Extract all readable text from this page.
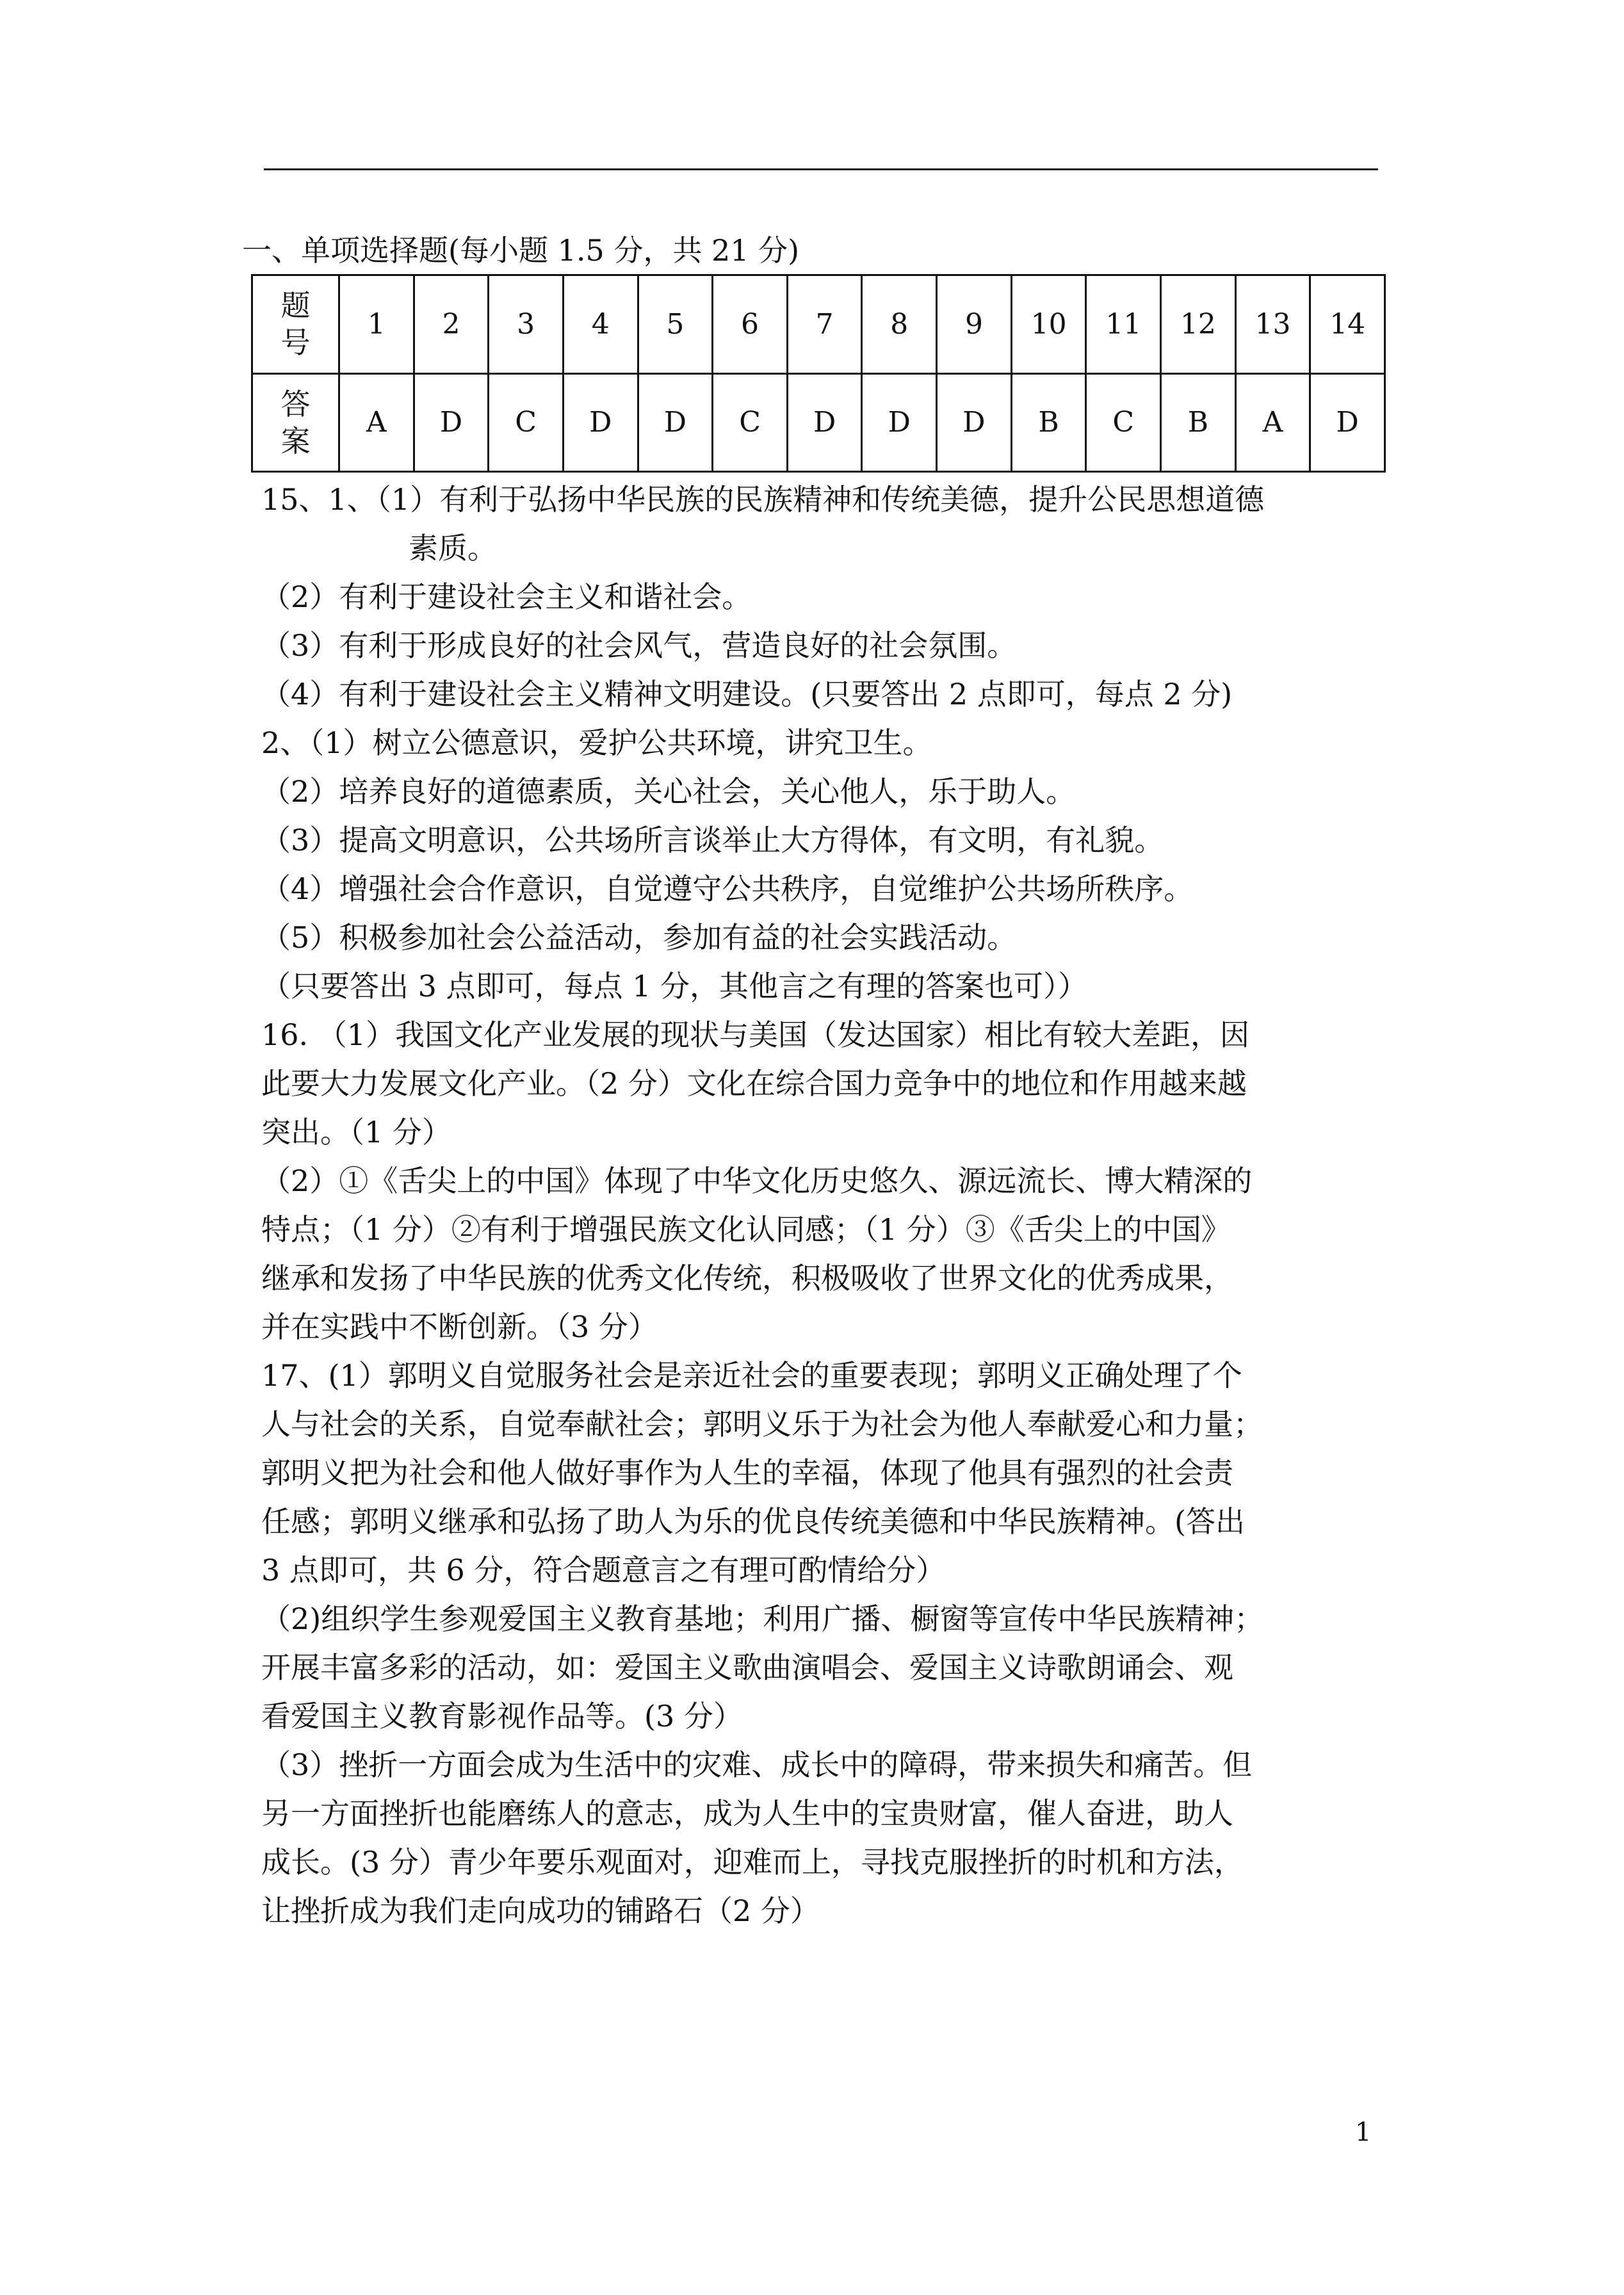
一、单项选择题(每小题 1.5 分，共 21 分)
题
号	1	2	3	4	5	6	7	8	9	10	11	12	13	14

答
案	A	D	C	D	D	C	D	D	D	B	C	B	A	D
15、1、（1）有利于弘扬中华民族的民族精神和传统美德，提升公民思想道德
　　　　　素质。
（2）有利于建设社会主义和谐社会。
（3）有利于形成良好的社会风气，营造良好的社会氛围。
（4）有利于建设社会主义精神文明建设。(只要答出 2 点即可，每点 2 分)
2、（1）树立公德意识，爱护公共环境，讲究卫生。
（2）培养良好的道德素质，关心社会，关心他人，乐于助人。
（3）提高文明意识，公共场所言谈举止大方得体，有文明，有礼貌。
（4）增强社会合作意识，自觉遵守公共秩序，自觉维护公共场所秩序。
（5）积极参加社会公益活动，参加有益的社会实践活动。
（只要答出 3 点即可，每点 1 分，其他言之有理的答案也可））
16. （1）我国文化产业发展的现状与美国（发达国家）相比有较大差距，因
此要大力发展文化产业。（2 分）文化在综合国力竞争中的地位和作用越来越
突出。（1 分）
（2）①《舌尖上的中国》体现了中华文化历史悠久、源远流长、博大精深的
特点；（1 分）②有利于增强民族文化认同感；（1 分）③《舌尖上的中国》
继承和发扬了中华民族的优秀文化传统，积极吸收了世界文化的优秀成果，
并在实践中不断创新。（3 分）
17、(1）郭明义自觉服务社会是亲近社会的重要表现；郭明义正确处理了个
人与社会的关系，自觉奉献社会；郭明义乐于为社会为他人奉献爱心和力量；
郭明义把为社会和他人做好事作为人生的幸福，体现了他具有强烈的社会责
任感；郭明义继承和弘扬了助人为乐的优良传统美德和中华民族精神。(答出
3 点即可，共 6 分，符合题意言之有理可酌情给分）
（2)组织学生参观爱国主义教育基地；利用广播、橱窗等宣传中华民族精神；
开展丰富多彩的活动，如：爱国主义歌曲演唱会、爱国主义诗歌朗诵会、观
看爱国主义教育影视作品等。(3 分）
（3）挫折一方面会成为生活中的灾难、成长中的障碍，带来损失和痛苦。但
另一方面挫折也能磨练人的意志，成为人生中的宝贵财富，催人奋进，助人
成长。(3 分）青少年要乐观面对，迎难而上，寻找克服挫折的时机和方法，
让挫折成为我们走向成功的铺路石（2 分）
1
